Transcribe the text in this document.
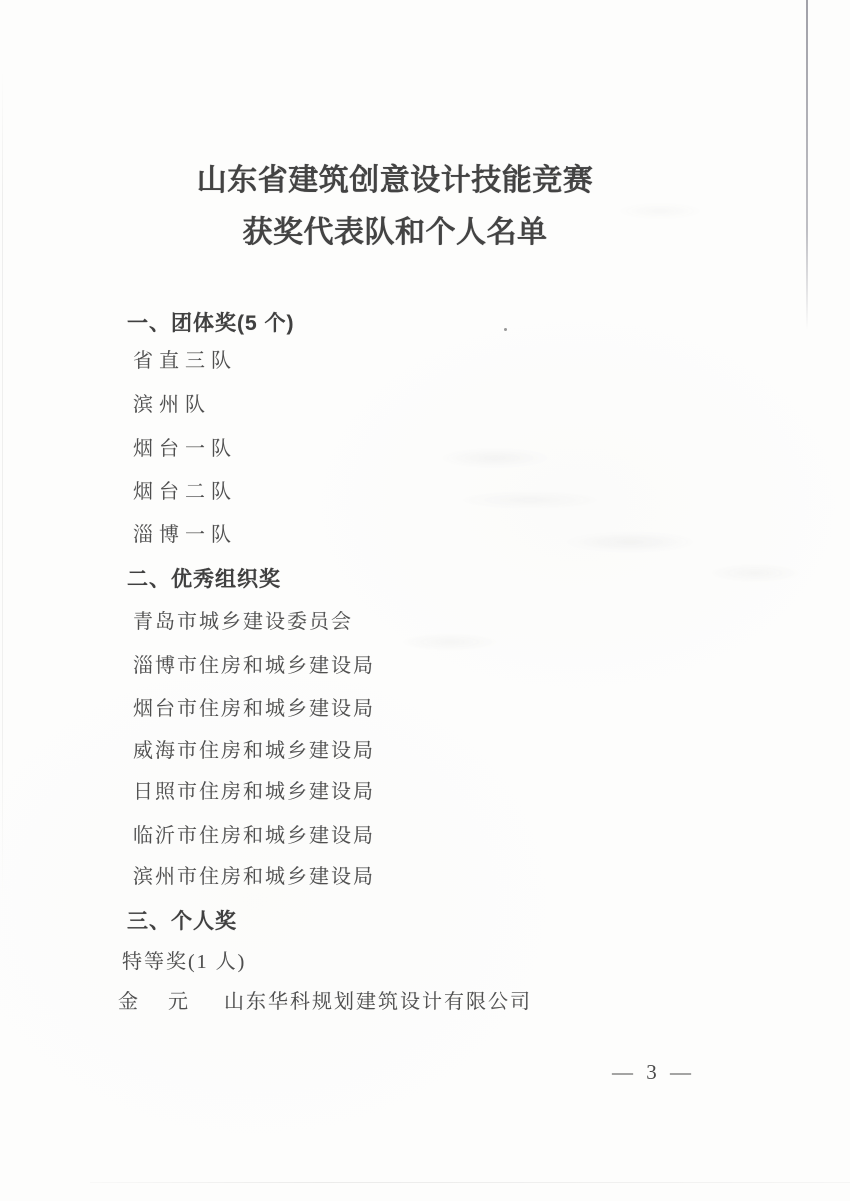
山东省建筑创意设计技能竞赛
获奖代表队和个人名单
一、团体奖(5 个)
省直三队
滨州队
烟台一队
烟台二队
淄博一队
二、优秀组织奖
青岛市城乡建设委员会
淄博市住房和城乡建设局
烟台市住房和城乡建设局
威海市住房和城乡建设局
日照市住房和城乡建设局
临沂市住房和城乡建设局
滨州市住房和城乡建设局
三、个人奖
特等奖(1 人)
金　元 山东华科规划建筑设计有限公司
— 3 —
